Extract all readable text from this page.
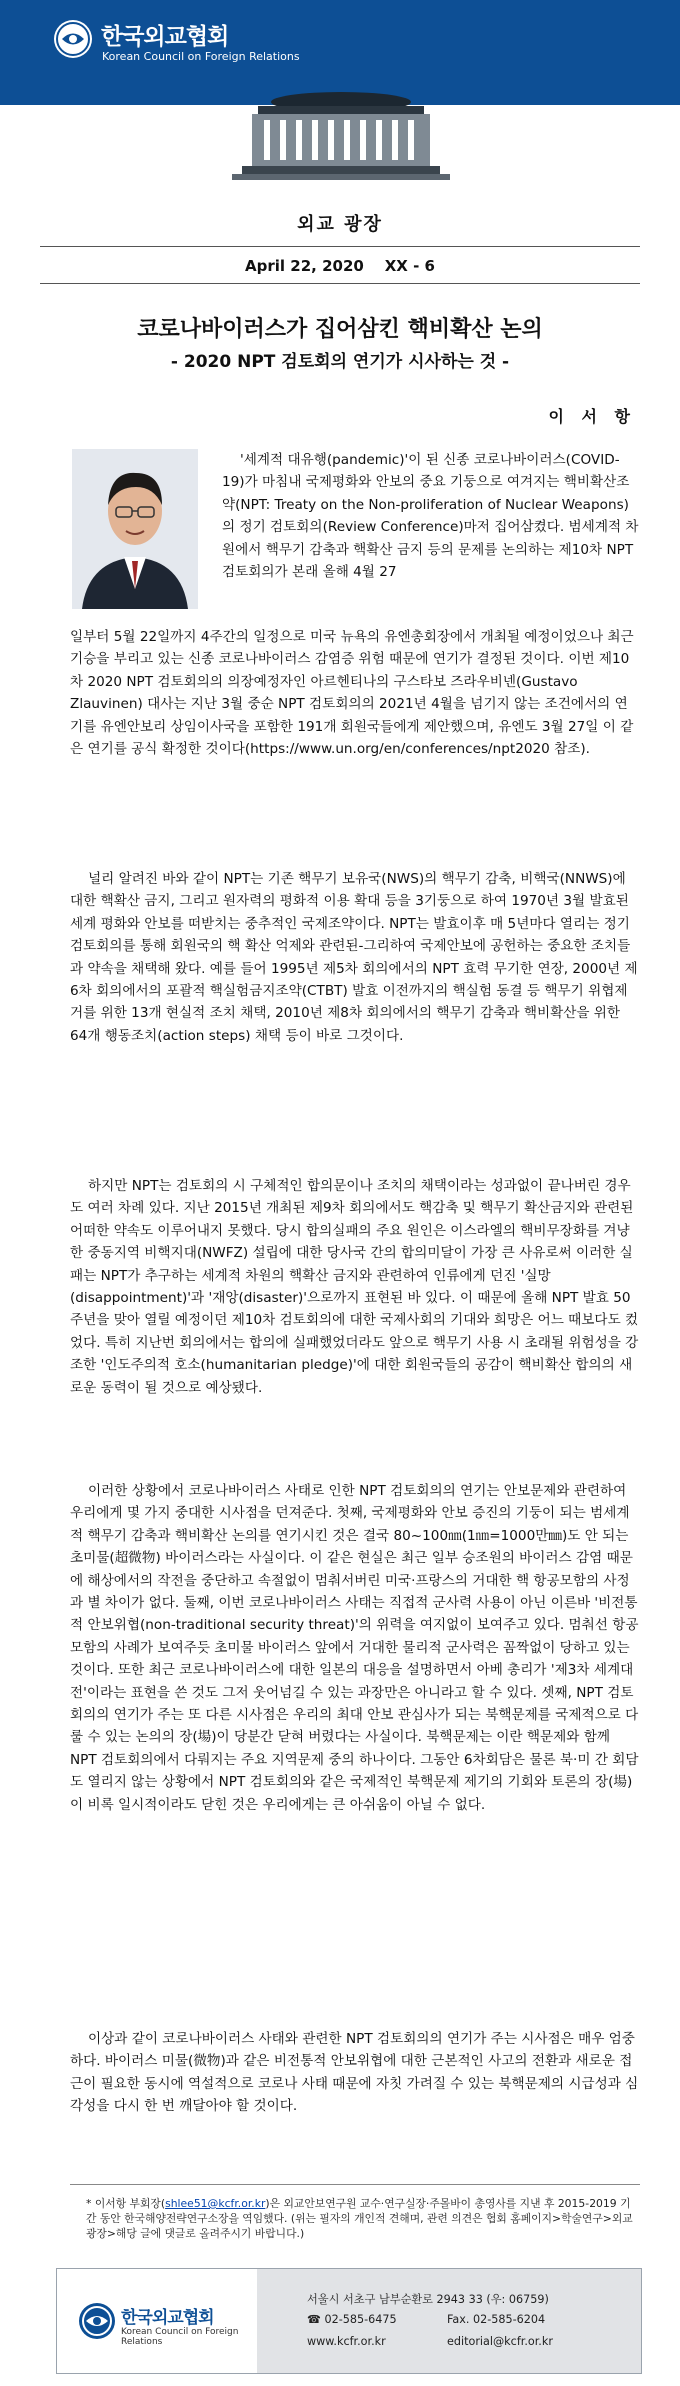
한국외교협회
Korean Council on Foreign Relations
외교 광장
April 22, 2020 XX - 6
코로나바이러스가 집어삼킨 핵비확산 논의
- 2020 NPT 검토회의 연기가 시사하는 것 -
이 서 항

'세계적 대유행(pandemic)'이 된 신종 코로나바이러스(COVID-19)가 마침내 국제평화와 안보의 중요 기둥으로 여겨지는 핵비확산조약(NPT: Treaty on the Non-proliferation of Nuclear Weapons)의 정기 검토회의(Review Conference)마저 집어삼켰다. 범세계적 차원에서 핵무기 감축과 핵확산 금지 등의 문제를 논의하는 제10차 NPT 검토회의가 본래 올해 4월 27

일부터 5월 22일까지 4주간의 일정으로 미국 뉴욕의 유엔총회장에서 개최될 예정이었으나 최근 기승을 부리고 있는 신종 코로나바이러스 감염증 위험 때문에 연기가 결정된 것이다. 이번 제10차 2020 NPT 검토회의의 의장예정자인 아르헨티나의 구스타보 즈라우비넨(Gustavo Zlauvinen) 대사는 지난 3월 중순 NPT 검토회의의 2021년 4월을 넘기지 않는 조건에서의 연기를 유엔안보리 상임이사국을 포함한 191개 회원국들에게 제안했으며, 유엔도 3월 27일 이 같은 연기를 공식 확정한 것이다(https://www.un.org/en/conferences/npt2020 참조).

널리 알려진 바와 같이 NPT는 기존 핵무기 보유국(NWS)의 핵무기 감축, 비핵국(NNWS)에 대한 핵확산 금지, 그리고 원자력의 평화적 이용 확대 등을 3기둥으로 하여 1970년 3월 발효된 세계 평화와 안보를 떠받치는 중추적인 국제조약이다. NPT는 발효이후 매 5년마다 열리는 정기 검토회의를 통해 회원국의 핵 확산 억제와 관련된-그리하여 국제안보에 공헌하는 중요한 조치들과 약속을 채택해 왔다. 예를 들어 1995년 제5차 회의에서의 NPT 효력 무기한 연장, 2000년 제6차 회의에서의 포괄적 핵실험금지조약(CTBT) 발효 이전까지의 핵실험 동결 등 핵무기 위협제거를 위한 13개 현실적 조치 채택, 2010년 제8차 회의에서의 핵무기 감축과 핵비확산을 위한 64개 행동조치(action steps) 채택 등이 바로 그것이다.

하지만 NPT는 검토회의 시 구체적인 합의문이나 조치의 채택이라는 성과없이 끝나버린 경우도 여러 차례 있다. 지난 2015년 개최된 제9차 회의에서도 핵감축 및 핵무기 확산금지와 관련된 어떠한 약속도 이루어내지 못했다. 당시 합의실패의 주요 원인은 이스라엘의 핵비무장화를 겨냥한 중동지역 비핵지대(NWFZ) 설립에 대한 당사국 간의 합의미달이 가장 큰 사유로써 이러한 실패는 NPT가 추구하는 세계적 차원의 핵확산 금지와 관련하여 인류에게 던진 '실망(disappointment)'과 '재앙(disaster)'으로까지 표현된 바 있다. 이 때문에 올해 NPT 발효 50주년을 맞아 열릴 예정이던 제10차 검토회의에 대한 국제사회의 기대와 희망은 어느 때보다도 컸었다. 특히 지난번 회의에서는 합의에 실패했었더라도 앞으로 핵무기 사용 시 초래될 위험성을 강조한 '인도주의적 호소(humanitarian pledge)'에 대한 회원국들의 공감이 핵비확산 합의의 새로운 동력이 될 것으로 예상됐다.

이러한 상황에서 코로나바이러스 사태로 인한 NPT 검토회의의 연기는 안보문제와 관련하여 우리에게 몇 가지 중대한 시사점을 던져준다. 첫째, 국제평화와 안보 증진의 기둥이 되는 범세계적 핵무기 감축과 핵비확산 논의를 연기시킨 것은 결국 80~100㎚(1㎚=1000만㎜)도 안 되는 초미물(超微物) 바이러스라는 사실이다. 이 같은 현실은 최근 일부 승조원의 바이러스 감염 때문에 해상에서의 작전을 중단하고 속절없이 멈춰서버린 미국·프랑스의 거대한 핵 항공모함의 사정과 별 차이가 없다. 둘째, 이번 코로나바이러스 사태는 직접적 군사력 사용이 아닌 이른바 '비전통적 안보위협(non-traditional security threat)'의 위력을 여지없이 보여주고 있다. 멈춰선 항공모함의 사례가 보여주듯 초미물 바이러스 앞에서 거대한 물리적 군사력은 꼼짝없이 당하고 있는 것이다. 또한 최근 코로나바이러스에 대한 일본의 대응을 설명하면서 아베 총리가 '제3차 세계대전'이라는 표현을 쓴 것도 그저 웃어넘길 수 있는 과장만은 아니라고 할 수 있다. 셋째, NPT 검토회의의 연기가 주는 또 다른 시사점은 우리의 최대 안보 관심사가 되는 북핵문제를 국제적으로 다룰 수 있는 논의의 장(場)이 당분간 닫혀 버렸다는 사실이다. 북핵문제는 이란 핵문제와 함께 NPT 검토회의에서 다뤄지는 주요 지역문제 중의 하나이다. 그동안 6차회담은 물론 북·미 간 회담도 열리지 않는 상황에서 NPT 검토회의와 같은 국제적인 북핵문제 제기의 기회와 토론의 장(場)이 비록 일시적이라도 닫힌 것은 우리에게는 큰 아쉬움이 아닐 수 없다.

이상과 같이 코로나바이러스 사태와 관련한 NPT 검토회의의 연기가 주는 시사점은 매우 엄중하다. 바이러스 미물(微物)과 같은 비전통적 안보위협에 대한 근본적인 사고의 전환과 새로운 접근이 필요한 동시에 역설적으로 코로나 사태 때문에 자칫 가려질 수 있는 북핵문제의 시급성과 심각성을 다시 한 번 깨달아야 할 것이다.

* 이서항 부회장(shlee51@kcfr.or.kr)은 외교안보연구원 교수·연구실장·주몰바이 총영사를 지낸 후 2015-2019 기간 동안 한국해양전략연구소장을 역임했다. (위는 필자의 개인적 견해며, 관련 의견은 협회 홈페이지>학술연구>외교광장>해당 글에 댓글로 올려주시기 바랍니다.)
한국외교협회
Korean Council on Foreign Relations
서울시 서초구 남부순환로 2943 33 (우: 06759)
☎ 02-585-6475	Fax. 02-585-6204
www.kcfr.or.kr	editorial@kcfr.or.kr
